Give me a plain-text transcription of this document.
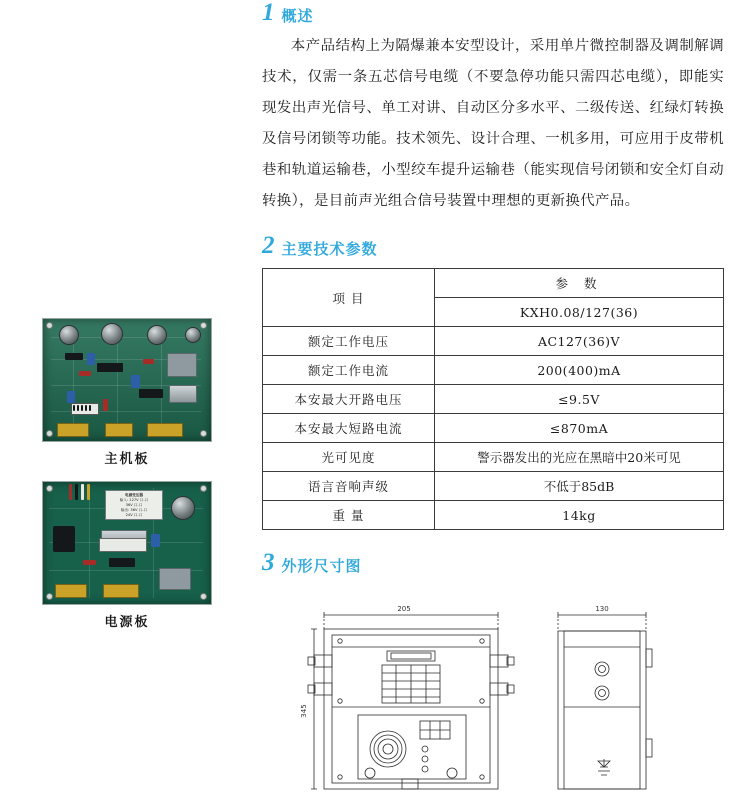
主机板
电源变压器
输入: 127V 口-口
36V 口-口
输出: 36V 口-口
24V 口-口
电源板
1 概述

本产品结构上为隔爆兼本安型设计，采用单片微控制器及调制解调技术，仅需一条五芯信号电缆（不要急停功能只需四芯电缆），即能实现发出声光信号、单工对讲、自动区分多水平、二级传送、红绿灯转换及信号闭锁等功能。技术领先、设计合理、一机多用，可应用于皮带机巷和轨道运输巷，小型绞车提升运输巷（能实现信号闭锁和安全灯自动转换），是目前声光组合信号装置中理想的更新换代产品。

2 主要技术参数
项 目	参 数
	KXH0.08/127(36)
额定工作电压	AC127(36)V
额定工作电流	200(400)mA
本安最大开路电压	≤9.5V
本安最大短路电流	≤870mA
光可见度	警示器发出的光应在黑暗中20米可见
语言音响声级	不低于85dB
重 量	14kg
3 外形尺寸图
205
345
130
